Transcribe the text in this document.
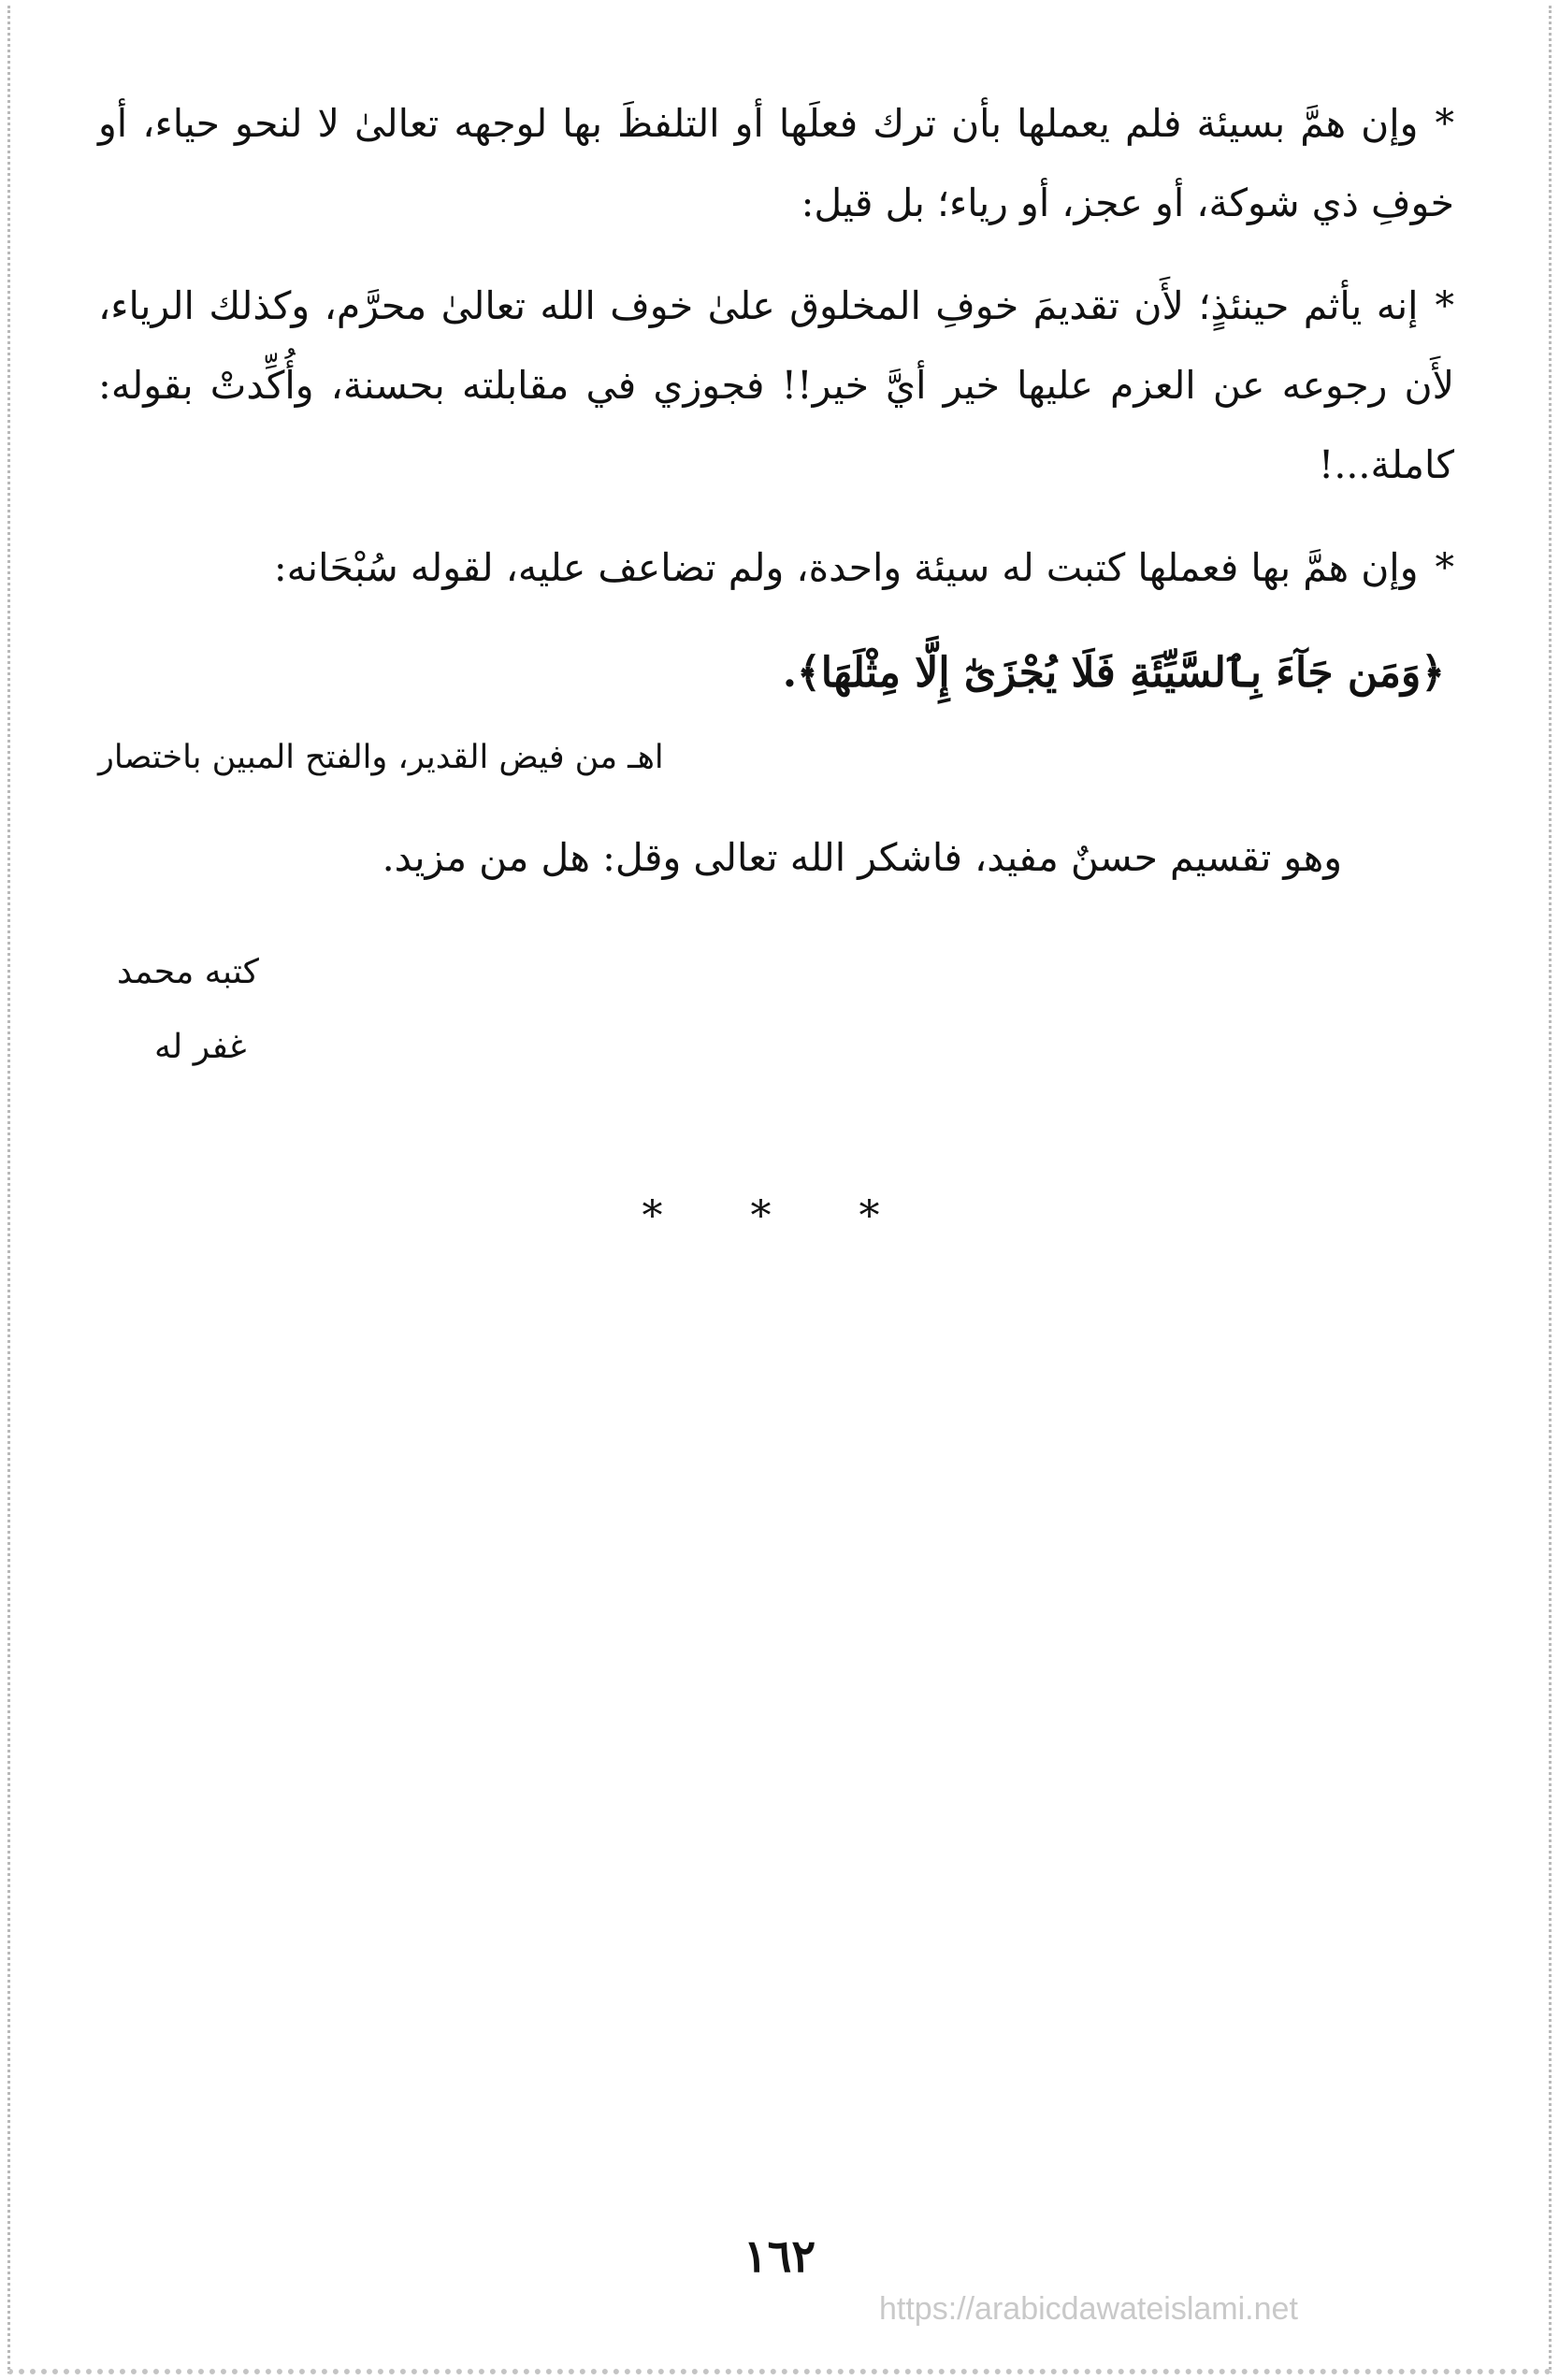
*وإن همَّ بسيئة فلم يعملها بأن ترك فعلَها أو التلفظَ بها لوجهه تعالىٰ لا لنحو حياء، أو خوفِ ذي شوكة، أو عجز، أو رياء؛ بل قيل:

*إنه يأثم حينئذٍ؛ لأَن تقديمَ خوفِ المخلوق علىٰ خوف الله تعالىٰ محرَّم، وكذلك الرياء، لأَن رجوعه عن العزم عليها خير أيَّ خير!! فجوزي في مقابلته بحسنة، وأُكِّدتْ بقوله: كاملة...!

*وإن همَّ بها فعملها كتبت له سيئة واحدة، ولم تضاعف عليه، لقوله سُبْحَانه:

﴿وَمَن جَآءَ بِٱلسَّيِّئَةِ فَلَا يُجْزَىٰٓ إِلَّا مِثْلَهَا﴾.

اهـ من فيض القدير، والفتح المبين باختصار

وهو تقسيم حسنٌ مفيد، فاشكر الله تعالى وقل: هل من مزيد.

كتبه محمد
غفر له
* * *
١٦٢
https://arabicdawateislami.net
